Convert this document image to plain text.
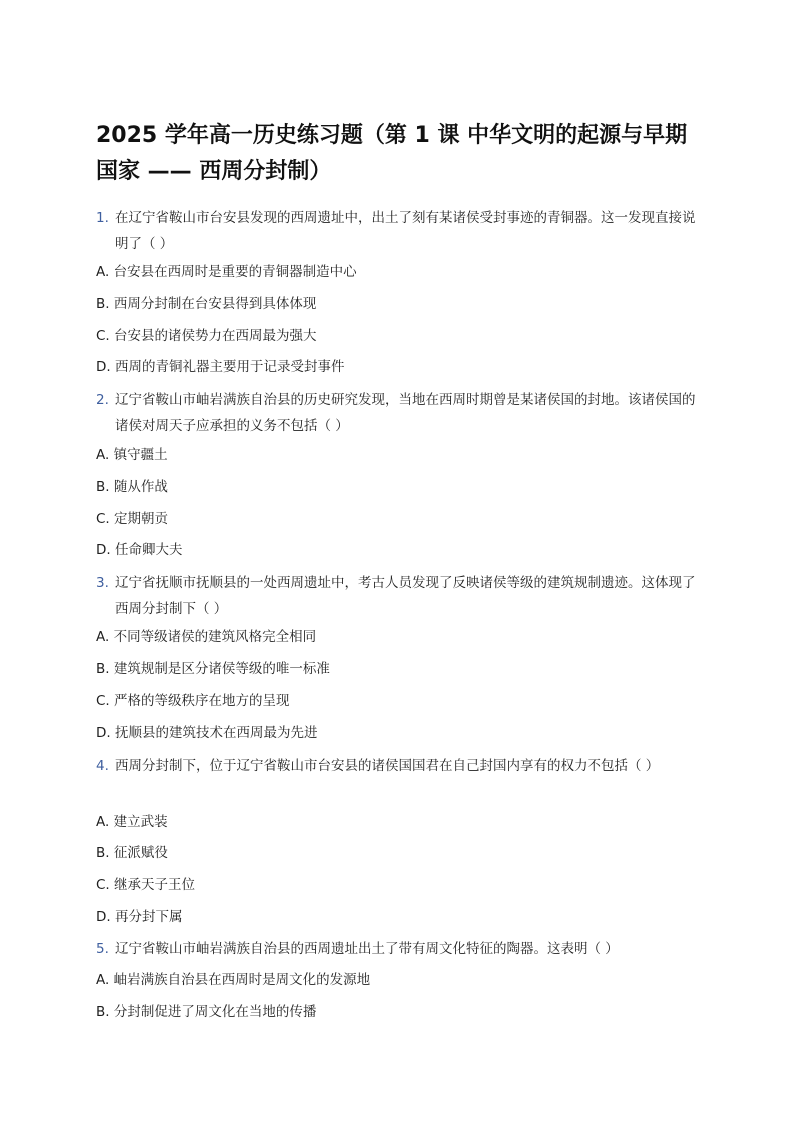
2025 学年高一历史练习题（第 1 课 中华文明的起源与早期国家 —— 西周分封制）
1. 在辽宁省鞍山市台安县发现的西周遗址中，出土了刻有某诸侯受封事迹的青铜器。这一发现直接说明了（ ）
A. 台安县在西周时是重要的青铜器制造中心
B. 西周分封制在台安县得到具体体现
C. 台安县的诸侯势力在西周最为强大
D. 西周的青铜礼器主要用于记录受封事件
2. 辽宁省鞍山市岫岩满族自治县的历史研究发现，当地在西周时期曾是某诸侯国的封地。该诸侯国的诸侯对周天子应承担的义务不包括（ ）
A. 镇守疆土
B. 随从作战
C. 定期朝贡
D. 任命卿大夫
3. 辽宁省抚顺市抚顺县的一处西周遗址中，考古人员发现了反映诸侯等级的建筑规制遗迹。这体现了西周分封制下（ ）
A. 不同等级诸侯的建筑风格完全相同
B. 建筑规制是区分诸侯等级的唯一标准
C. 严格的等级秩序在地方的呈现
D. 抚顺县的建筑技术在西周最为先进
4. 西周分封制下，位于辽宁省鞍山市台安县的诸侯国国君在自己封国内享有的权力不包括（ ）
A. 建立武装
B. 征派赋役
C. 继承天子王位
D. 再分封下属
5. 辽宁省鞍山市岫岩满族自治县的西周遗址出土了带有周文化特征的陶器。这表明（ ）
A. 岫岩满族自治县在西周时是周文化的发源地
B. 分封制促进了周文化在当地的传播
